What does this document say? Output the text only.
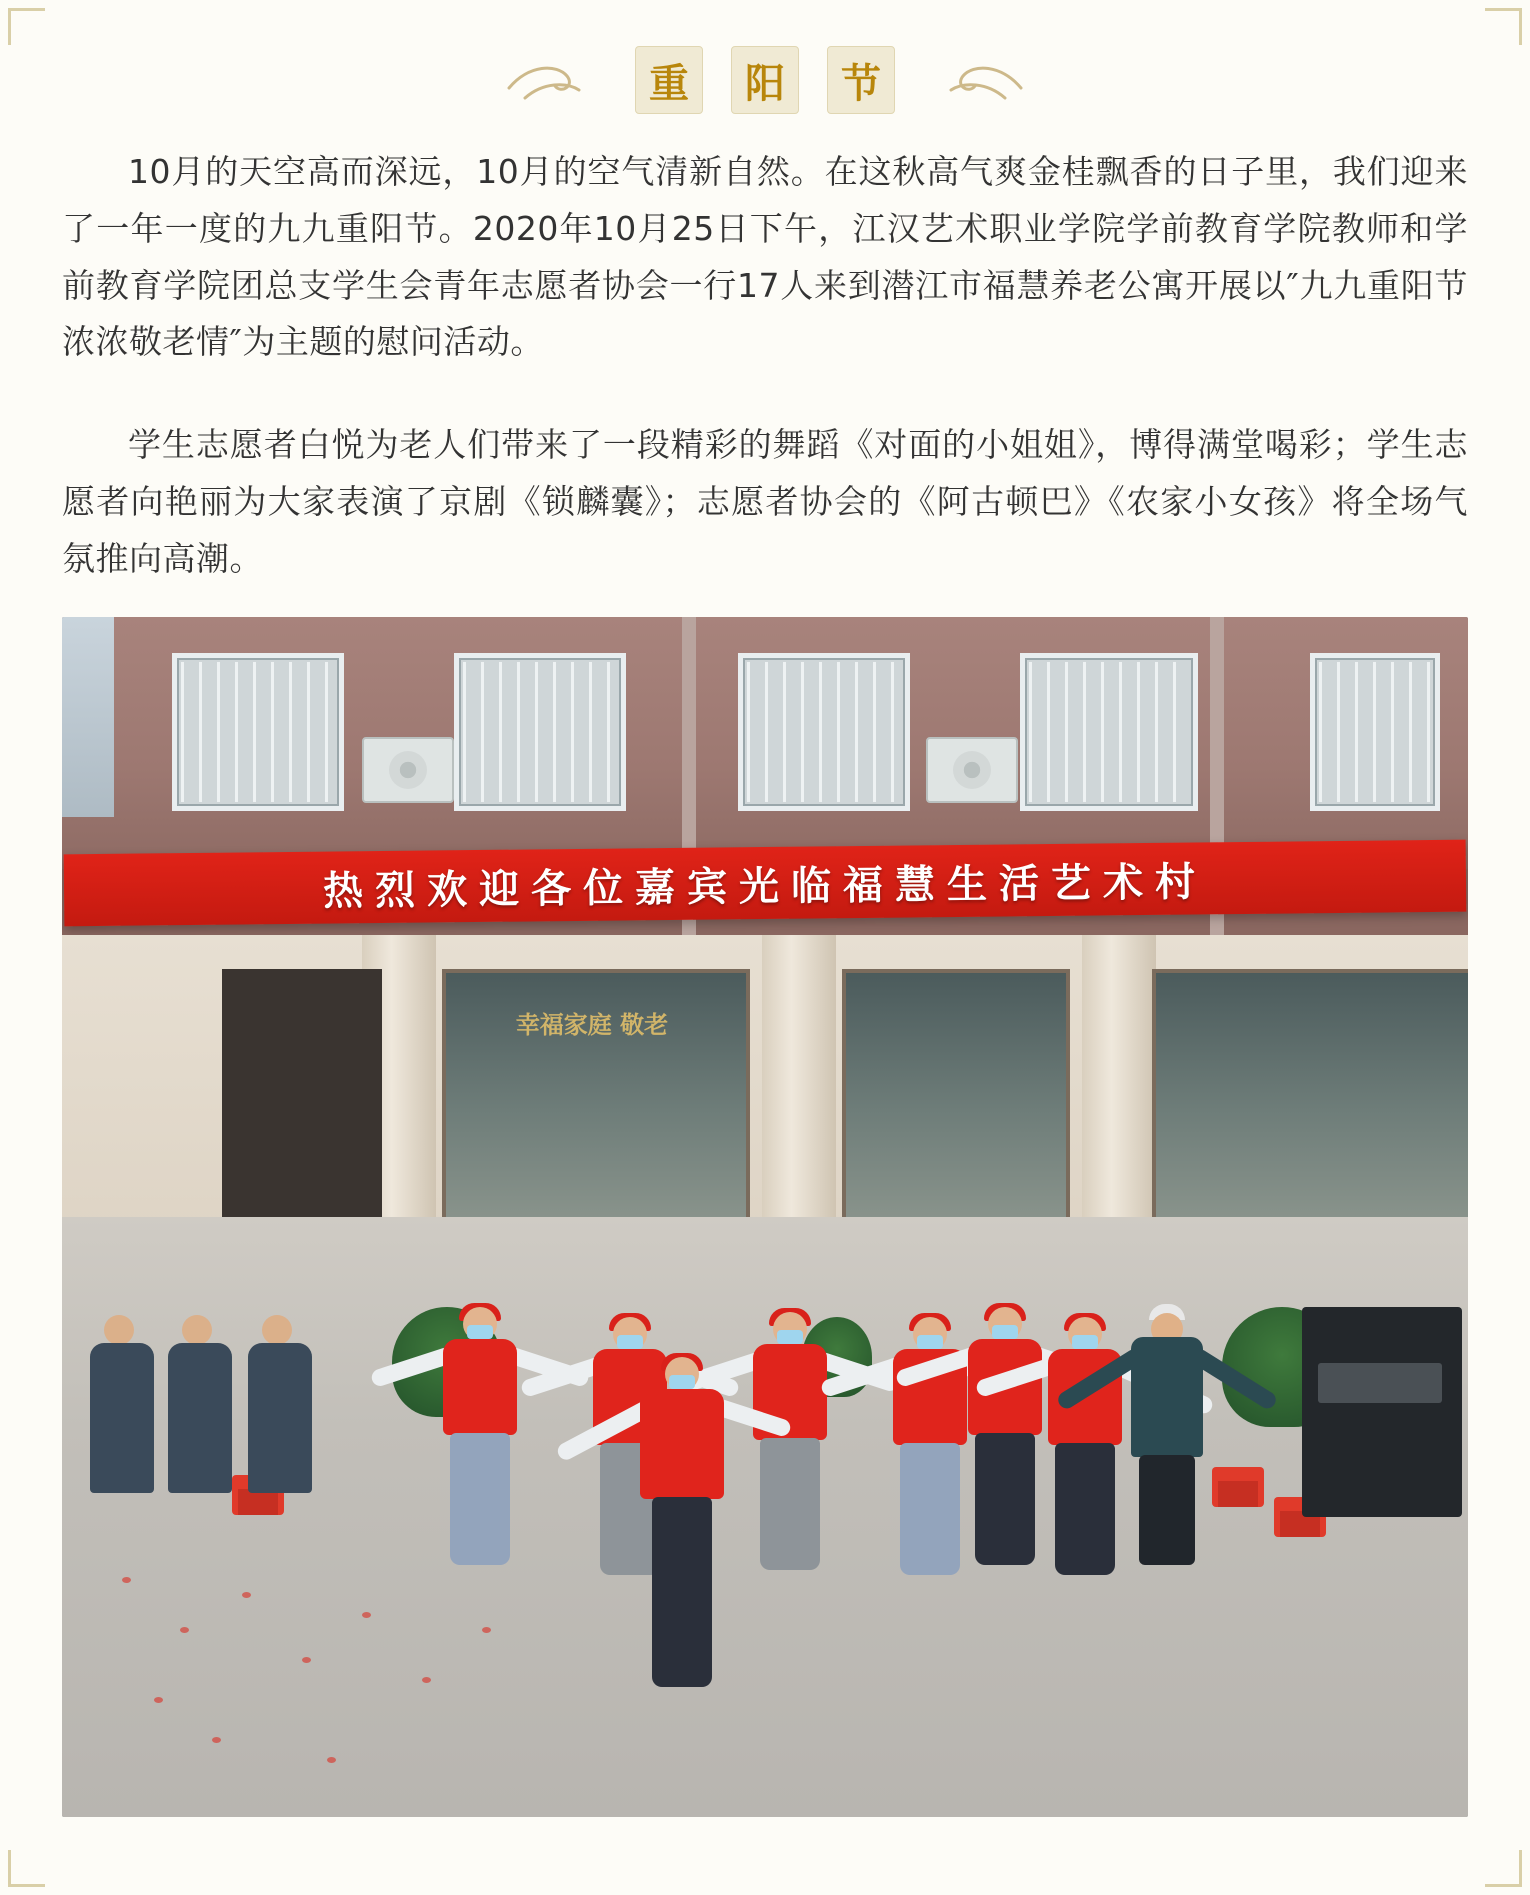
重	阳	节

10月的天空高而深远，10月的空气清新自然。在这秋高气爽金桂飘香的日子里，我们迎来了一年一度的九九重阳节。2020年10月25日下午，江汉艺术职业学院学前教育学院教师和学前教育学院团总支学生会青年志愿者协会一行17人来到潜江市福慧养老公寓开展以″九九重阳节 浓浓敬老情″为主题的慰问活动。

学生志愿者白悦为老人们带来了一段精彩的舞蹈《对面的小姐姐》，博得满堂喝彩；学生志愿者向艳丽为大家表演了京剧《锁麟囊》；志愿者协会的《阿古顿巴》《农家小女孩》将全场气氛推向高潮。

热烈欢迎各位嘉宾光临福慧生活艺术村
幸福家庭 敬老
